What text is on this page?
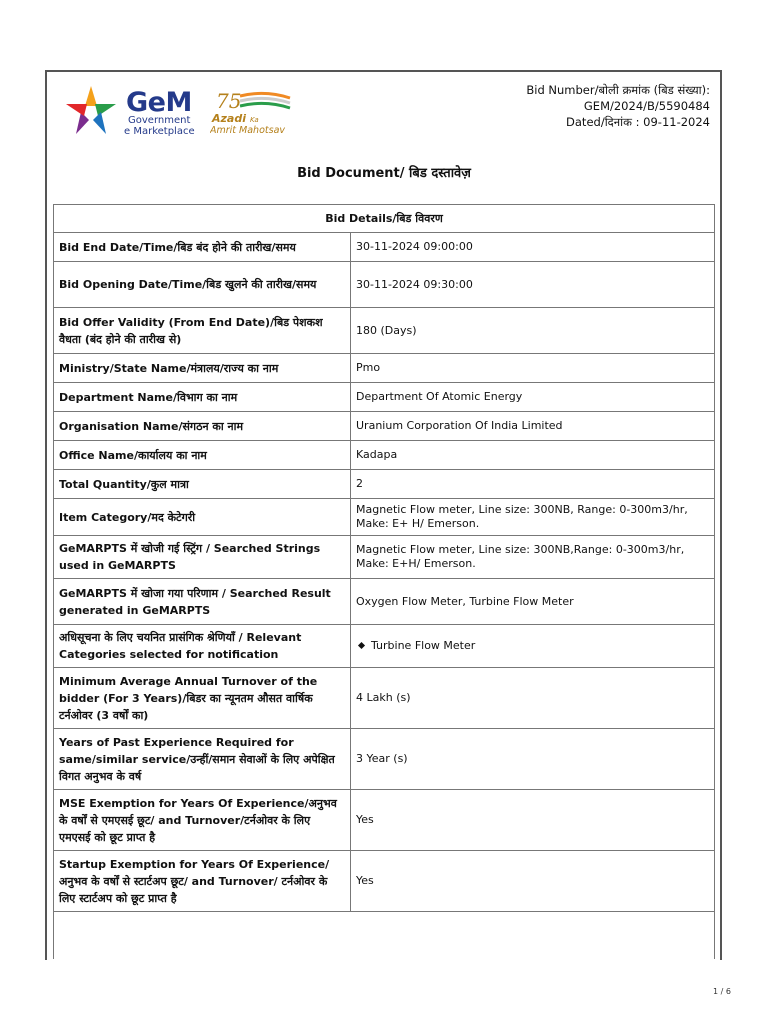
GeM
Government
e Marketplace
75
Azadi Ka
Amrit Mahotsav
Bid Number/बोली क्रमांक (बिड संख्या):
GEM/2024/B/5590484
Dated/दिनांक : 09-11-2024
Bid Document/ बिड दस्तावेज़
Bid Details/बिड विवरण	
Bid End Date/Time/बिड बंद होने की तारीख/समय	30-11-2024 09:00:00
Bid Opening Date/Time/बिड खुलने की तारीख/समय	30-11-2024 09:30:00
Bid Offer Validity (From End Date)/बिड पेशकश वैधता (बंद होने की तारीख से)	180 (Days)
Ministry/State Name/मंत्रालय/राज्य का नाम	Pmo
Department Name/विभाग का नाम	Department Of Atomic Energy
Organisation Name/संगठन का नाम	Uranium Corporation Of India Limited
Office Name/कार्यालय का नाम	Kadapa
Total Quantity/कुल मात्रा	2
Item Category/मद केटेगरी	Magnetic Flow meter, Line size: 300NB, Range: 0-300m3/hr, Make: E+ H/ Emerson.
GeMARPTS में खोजी गई स्ट्रिंग / Searched Strings used in GeMARPTS	Magnetic Flow meter, Line size: 300NB,Range: 0-300m3/hr, Make: E+H/ Emerson.
GeMARPTS में खोजा गया परिणाम / Searched Result generated in GeMARPTS	Oxygen Flow Meter, Turbine Flow Meter
अधिसूचना के लिए चयनित प्रासंगिक श्रेणियाँ / Relevant Categories selected for notification	Turbine Flow Meter
Minimum Average Annual Turnover of the bidder (For 3 Years)/बिडर का न्यूनतम औसत वार्षिक टर्नओवर (3 वर्षों का)	4 Lakh (s)
Years of Past Experience Required for same/similar service/उन्हीं/समान सेवाओं के लिए अपेक्षित विगत अनुभव के वर्ष	3 Year (s)
MSE Exemption for Years Of Experience/अनुभव के वर्षों से एमएसई छूट/ and Turnover/टर्नओवर के लिए एमएसई को छूट प्राप्त है	Yes
Startup Exemption for Years Of Experience/अनुभव के वर्षों से स्टार्टअप छूट/ and Turnover/ टर्नओवर के लिए स्टार्टअप को छूट प्राप्त है	Yes
1 / 6
